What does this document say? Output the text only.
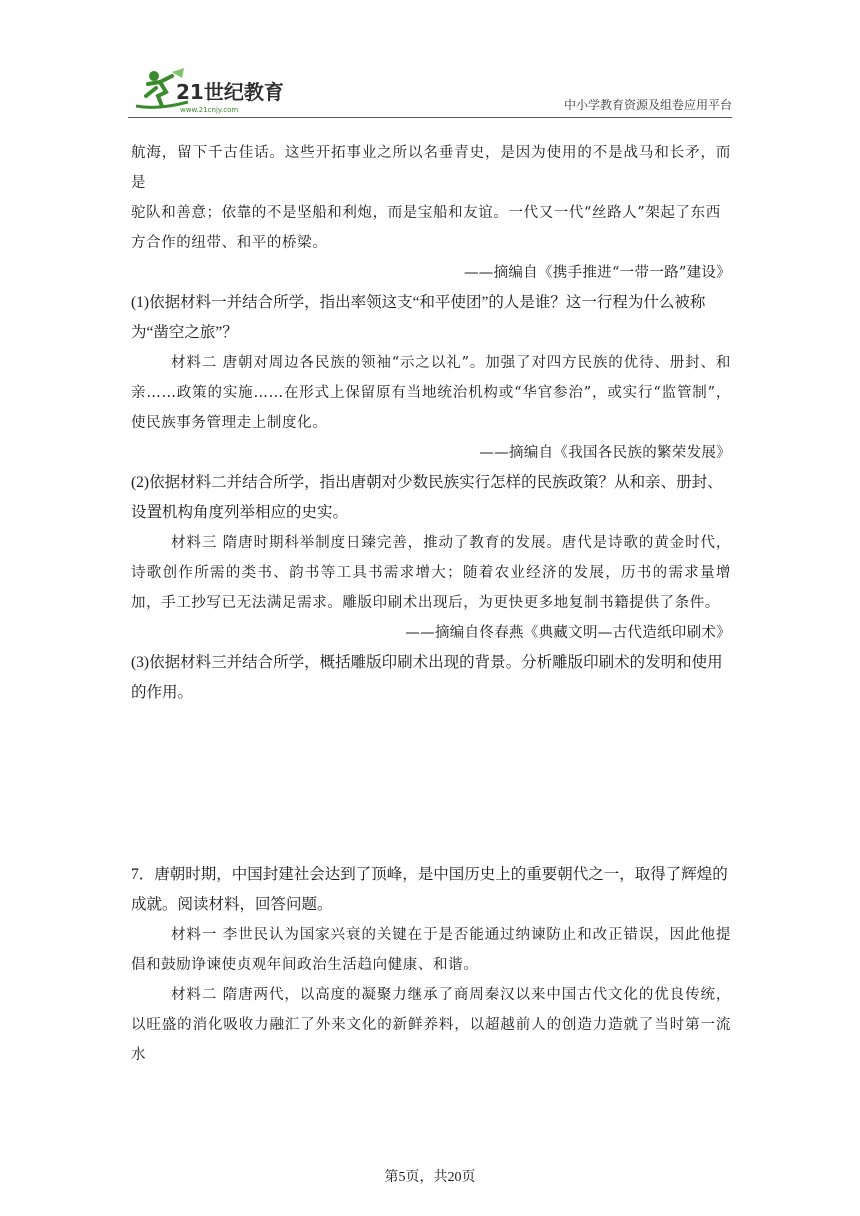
21世纪教育
www.21cnjy.com	中小学教育资源及组卷应用平台

航海，留下千古佳话。这些开拓事业之所以名垂青史，是因为使用的不是战马和长矛，而是

驼队和善意；依靠的不是坚船和利炮，而是宝船和友谊。一代又一代“丝路人”架起了东西

方合作的纽带、和平的桥梁。

——摘编自《携手推进“一带一路”建设》

(1)依据材料一并结合所学，指出率领这支“和平使团”的人是谁？这一行程为什么被称为“凿空之旅”？

材料二 唐朝对周边各民族的领袖“示之以礼”。加强了对四方民族的优待、册封、和亲……政策的实施……在形式上保留原有当地统治机构或“华官参治”，或实行“监管制”，使民族事务管理走上制度化。

——摘编自《我国各民族的繁荣发展》

(2)依据材料二并结合所学，指出唐朝对少数民族实行怎样的民族政策？从和亲、册封、设置机构角度列举相应的史实。

材料三 隋唐时期科举制度日臻完善，推动了教育的发展。唐代是诗歌的黄金时代，诗歌创作所需的类书、韵书等工具书需求增大；随着农业经济的发展，历书的需求量增加，手工抄写已无法满足需求。雕版印刷术出现后，为更快更多地复制书籍提供了条件。

——摘编自佟春燕《典藏文明—古代造纸印刷术》

(3)依据材料三并结合所学，概括雕版印刷术出现的背景。分析雕版印刷术的发明和使用的作用。

7．唐朝时期，中国封建社会达到了顶峰，是中国历史上的重要朝代之一，取得了辉煌的成就。阅读材料，回答问题。

材料一 李世民认为国家兴衰的关键在于是否能通过纳谏防止和改正错误，因此他提倡和鼓励诤谏使贞观年间政治生活趋向健康、和谐。

材料二 隋唐两代，以高度的凝聚力继承了商周秦汉以来中国古代文化的优良传统，以旺盛的消化吸收力融汇了外来文化的新鲜养料，以超越前人的创造力造就了当时第一流水

第5页，共20页
